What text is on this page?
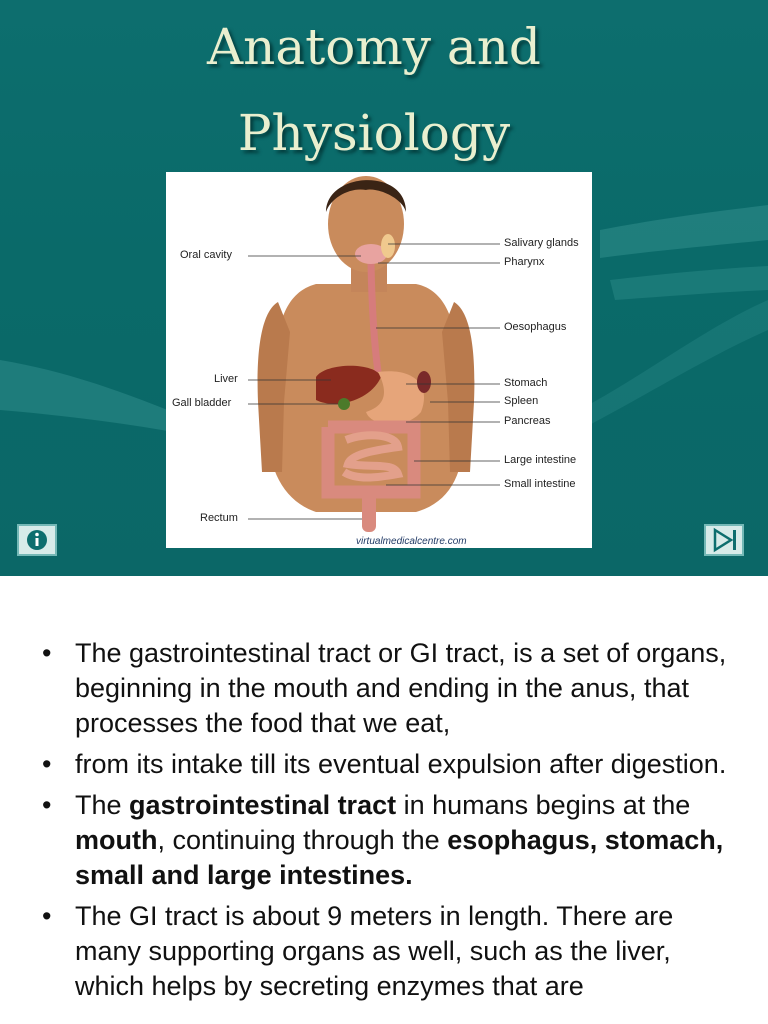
Anatomy and
Physiology
Oral cavity
Liver
Gall bladder
Rectum
Salivary glands
Pharynx
Oesophagus
Stomach
Spleen
Pancreas
Large intestine
Small intestine
virtualmedicalcentre.com
• The gastrointestinal tract or GI tract, is a set of organs, beginning in the mouth and ending in the anus, that processes the food that we eat,
• from its intake till its eventual expulsion after digestion.
• The gastrointestinal tract in humans begins at the mouth, continuing through the esophagus, stomach, small and large intestines.
• The GI tract is about 9 meters in length. There are many supporting organs as well, such as the liver, which helps by secreting enzymes that are
